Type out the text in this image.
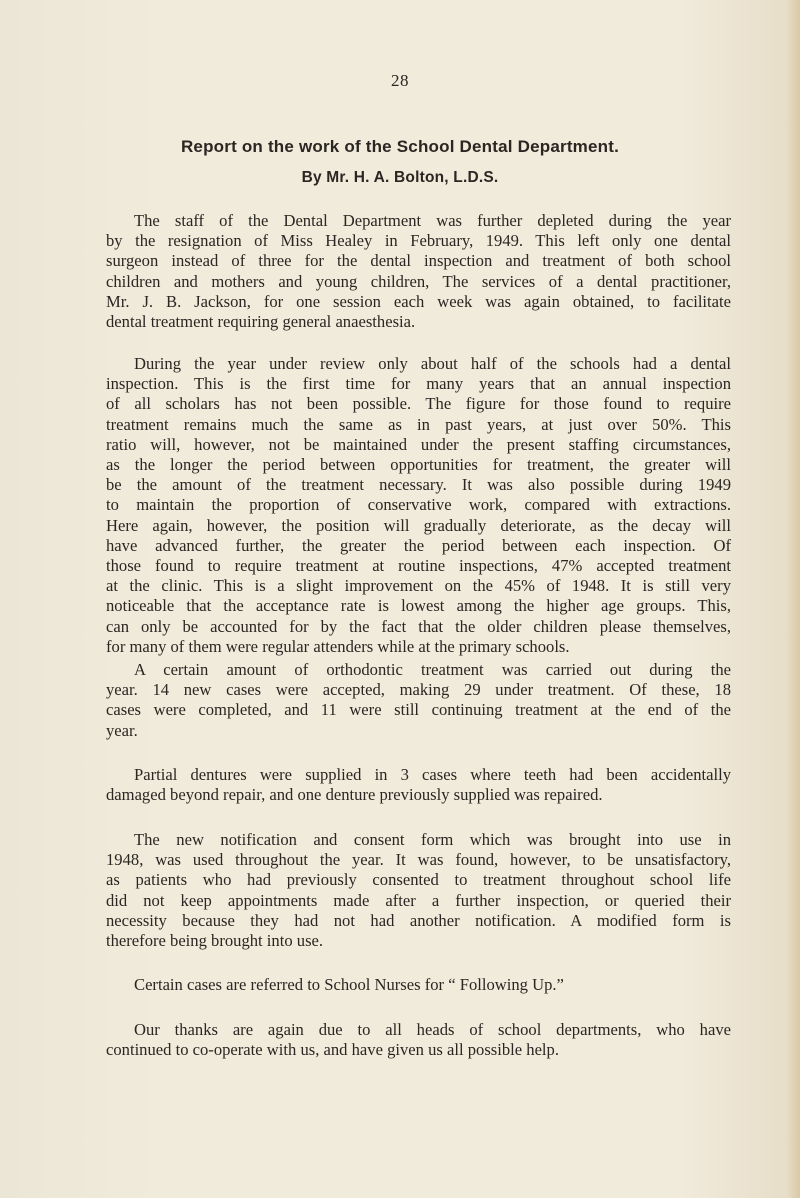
28
Report on the work of the School Dental Department.
By Mr. H. A. Bolton, L.D.S.

The staff of the Dental Department was further depleted during the year
by the resignation of Miss Healey in February, 1949. This left only one dental
surgeon instead of three for the dental inspection and treatment of both school
children and mothers and young children, The services of a dental practitioner,
Mr. J. B. Jackson, for one session each week was again obtained, to facilitate
dental treatment requiring general anaesthesia.

During the year under review only about half of the schools had a dental
inspection. This is the first time for many years that an annual inspection
of all scholars has not been possible. The figure for those found to require
treatment remains much the same as in past years, at just over 50%. This
ratio will, however, not be maintained under the present staffing circumstances,
as the longer the period between opportunities for treatment, the greater will
be the amount of the treatment necessary. It was also possible during 1949
to maintain the proportion of conservative work, compared with extractions.
Here again, however, the position will gradually deteriorate, as the decay will
have advanced further, the greater the period between each inspection. Of
those found to require treatment at routine inspections, 47% accepted treatment
at the clinic. This is a slight improvement on the 45% of 1948. It is still very
noticeable that the acceptance rate is lowest among the higher age groups. This,
can only be accounted for by the fact that the older children please themselves,
for many of them were regular attenders while at the primary schools.

A certain amount of orthodontic treatment was carried out during the
year. 14 new cases were accepted, making 29 under treatment. Of these, 18
cases were completed, and 11 were still continuing treatment at the end of the
year.

Partial dentures were supplied in 3 cases where teeth had been accidentally
damaged beyond repair, and one denture previously supplied was repaired.

The new notification and consent form which was brought into use in
1948, was used throughout the year. It was found, however, to be unsatisfactory,
as patients who had previously consented to treatment throughout school life
did not keep appointments made after a further inspection, or queried their
necessity because they had not had another notification. A modified form is
therefore being brought into use.

Certain cases are referred to School Nurses for “ Following Up.”

Our thanks are again due to all heads of school departments, who have
continued to co-operate with us, and have given us all possible help.
